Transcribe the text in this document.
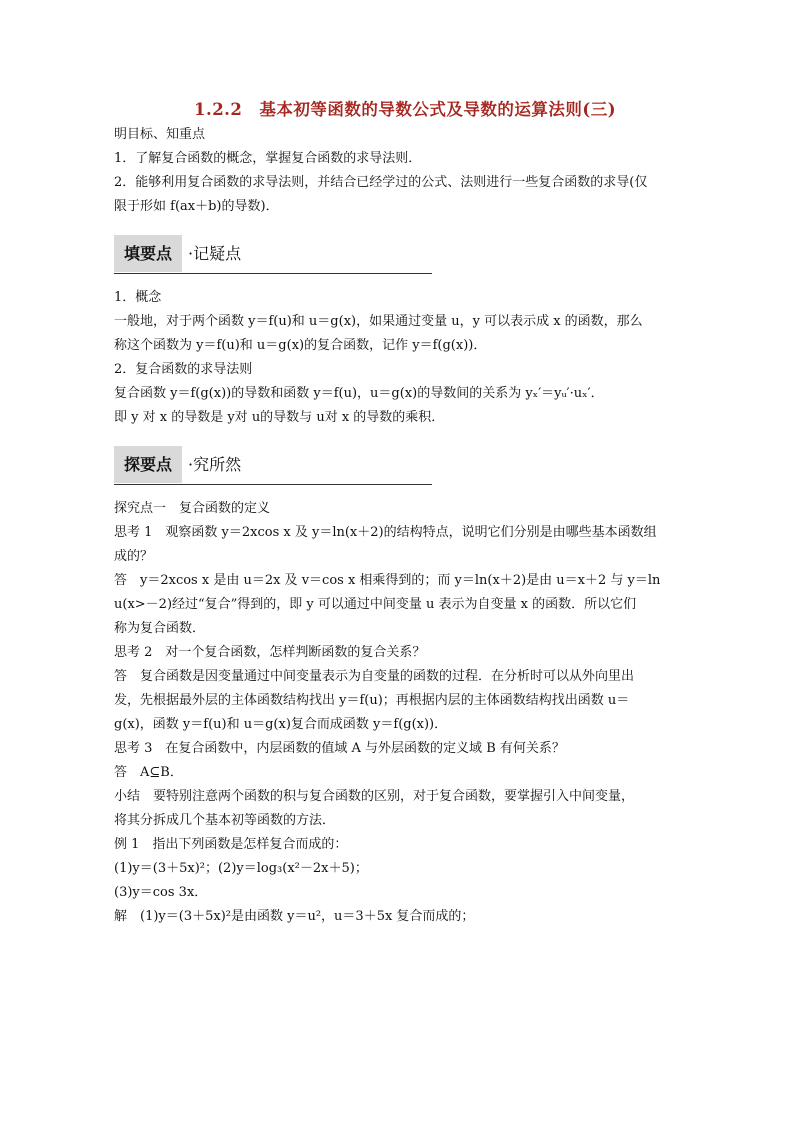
1.2.2　基本初等函数的导数公式及导数的运算法则(三)

明目标、知重点

1．了解复合函数的概念，掌握复合函数的求导法则．

2．能够利用复合函数的求导法则，并结合已经学过的公式、法则进行一些复合函数的求导(仅

限于形如 f(ax＋b)的导数)．

填要点	·记疑点

1．概念

一般地，对于两个函数 y＝f(u)和 u＝g(x)，如果通过变量 u，y 可以表示成 x 的函数，那么

称这个函数为 y＝f(u)和 u＝g(x)的复合函数，记作 y＝f(g(x))．

2．复合函数的求导法则

复合函数 y＝f(g(x))的导数和函数 y＝f(u)，u＝g(x)的导数间的关系为 yₓ′＝yᵤ′·uₓ′．

即 y 对 x 的导数是 y对 u的导数与 u对 x 的导数的乘积．

探要点	·究所然

探究点一　复合函数的定义

思考 1　观察函数 y＝2xcos x 及 y＝ln(x＋2)的结构特点，说明它们分别是由哪些基本函数组

成的？

答　y＝2xcos x 是由 u＝2x 及 v＝cos x 相乘得到的；而 y＝ln(x＋2)是由 u＝x＋2 与 y＝ln

u(x>－2)经过“复合”得到的，即 y 可以通过中间变量 u 表示为自变量 x 的函数．所以它们

称为复合函数．

思考 2　对一个复合函数，怎样判断函数的复合关系？

答　复合函数是因变量通过中间变量表示为自变量的函数的过程．在分析时可以从外向里出

发，先根据最外层的主体函数结构找出 y＝f(u)；再根据内层的主体函数结构找出函数 u＝

g(x)，函数 y＝f(u)和 u＝g(x)复合而成函数 y＝f(g(x))．

思考 3　在复合函数中，内层函数的值域 A 与外层函数的定义域 B 有何关系？

答　A⊆B．

小结　要特别注意两个函数的积与复合函数的区别，对于复合函数，要掌握引入中间变量，

将其分拆成几个基本初等函数的方法．

例 1　指出下列函数是怎样复合而成的：

(1)y＝(3＋5x)²；(2)y＝log₃(x²－2x＋5)；

(3)y＝cos 3x．

解　(1)y＝(3＋5x)²是由函数 y＝u²，u＝3＋5x 复合而成的；
